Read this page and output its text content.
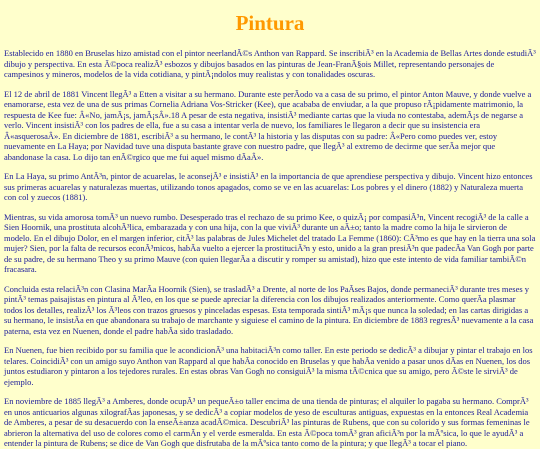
Pintura

Establecido en 1880 en Bruselas hizo amistad con el pintor neerlandÃ©s Anthon van Rappard. Se inscribiÃ³ en la Academia de Bellas Artes donde estudiÃ³ dibujo y perspectiva. En esta Ã©poca realizÃ³ esbozos y dibujos basados en las pinturas de Jean-FranÃ§ois Millet, representando personajes de campesinos y mineros, modelos de la vida cotidiana, y pintÃ¡ndolos muy realistas y con tonalidades oscuras.

El 12 de abril de 1881 Vincent llegÃ³ a Etten a visitar a su hermano. Durante este perÃodo va a casa de su primo, el pintor Anton Mauve, y donde vuelve a enamorarse, esta vez de una de sus primas Cornelia Adriana Vos-Stricker (Kee), que acababa de enviudar, a la que propuso rÃ¡pidamente matrimonio, la respuesta de Kee fue: Â«No, jamÃ¡s, jamÃ¡sÂ».18 A pesar de esta negativa, insistiÃ³ mediante cartas que la viuda no contestaba, ademÃ¡s de negarse a verlo. Vincent insistiÃ³ con los padres de ella, fue a su casa a intentar verla de nuevo, los familiares le llegaron a decir que su insistencia era Â«asquerosaÂ». En diciembre de 1881, escribiÃ³ a su hermano, le contÃ³ la historia y las disputas con su padre: Â«Pero como puedes ver, estoy nuevamente en La Haya; por Navidad tuve una disputa bastante grave con nuestro padre, que llegÃ³ al extremo de decirme que serÃa mejor que abandonase la casa. Lo dijo tan enÃ©rgico que me fui aquel mismo dÃaÂ».

En La Haya, su primo AntÃ³n, pintor de acuarelas, le aconsejÃ³ e insistiÃ³ en la importancia de que aprendiese perspectiva y dibujo. Vincent hizo entonces sus primeras acuarelas y naturalezas muertas, utilizando tonos apagados, como se ve en las acuarelas: Los pobres y el dinero (1882) y Naturaleza muerta con col y zuecos (1881).

Mientras, su vida amorosa tomÃ³ un nuevo rumbo. Desesperado tras el rechazo de su primo Kee, o quizÃ¡ por compasiÃ³n, Vincent recogiÃ³ de la calle a Sien Hoornik, una prostituta alcohÃ³lica, embarazada y con una hija, con la que viviÃ³ durante un aÃ±o; tanto la madre como la hija le sirvieron de modelo. En el dibujo Dolor, en el margen inferior, citÃ³ las palabras de Jules Michelet del tratado La Femme (1860): CÃ³mo es que hay en la tierra una sola mujer? Sien, por la falta de recursos econÃ³micos, habÃa vuelto a ejercer la prostituciÃ³n y esto, unido a la gran presiÃ³n que padecÃa Van Gogh por parte de su padre, de su hermano Theo y su primo Mauve (con quien llegarÃa a discutir y romper su amistad), hizo que este intento de vida familiar tambiÃ©n fracasara.

Concluida esta relaciÃ³n con Clasina MarÃa Hoornik (Sien), se trasladÃ³ a Drente, al norte de los PaÃses Bajos, donde permaneciÃ³ durante tres meses y pintÃ³ temas paisajistas en pintura al Ã³leo, en los que se puede apreciar la diferencia con los dibujos realizados anteriormente. Como querÃa plasmar todos los detalles, realizÃ³ los Ã³leos con trazos gruesos y pinceladas espesas. Esta temporada sintiÃ³ mÃ¡s que nunca la soledad; en las cartas dirigidas a su hermano, le insistÃa en que abandonara su trabajo de marchante y siguiese el camino de la pintura. En diciembre de 1883 regresÃ³ nuevamente a la casa paterna, esta vez en Nuenen, donde el padre habÃa sido trasladado.

En Nuenen, fue bien recibido por su familia que le acondicionÃ³ una habitaciÃ³n como taller. En este periodo se dedicÃ³ a dibujar y pintar el trabajo en los telares. CoincidiÃ³ con un amigo suyo Anthon van Rappard al que habÃa conocido en Bruselas y que habÃa venido a pasar unos dÃas en Nuenen, los dos juntos estudiaron y pintaron a los tejedores rurales. En estas obras Van Gogh no consiguiÃ³ la misma tÃ©cnica que su amigo, pero Ã©ste le sirviÃ³ de ejemplo.

En noviembre de 1885 llegÃ³ a Amberes, donde ocupÃ³ un pequeÃ±o taller encima de una tienda de pinturas; el alquiler lo pagaba su hermano. ComprÃ³ en unos anticuarios algunas xilografÃas japonesas, y se dedicÃ³ a copiar modelos de yeso de esculturas antiguas, expuestas en la entonces Real Academia de Amberes, a pesar de su desacuerdo con la enseÃ±anza acadÃ©mica. DescubriÃ³ las pinturas de Rubens, que con su colorido y sus formas femeninas le abrieron la alternativa del uso de colores como el carmÃn y el verde esmeralda. En esta Ã©poca tomÃ³ gran aficiÃ³n por la mÃºsica, lo que le ayudÃ³ a entender la pintura de Rubens; se dice de Van Gogh que disfrutaba de la mÃºsica tanto como de la pintura; y que llegÃ³ a tocar el piano.
